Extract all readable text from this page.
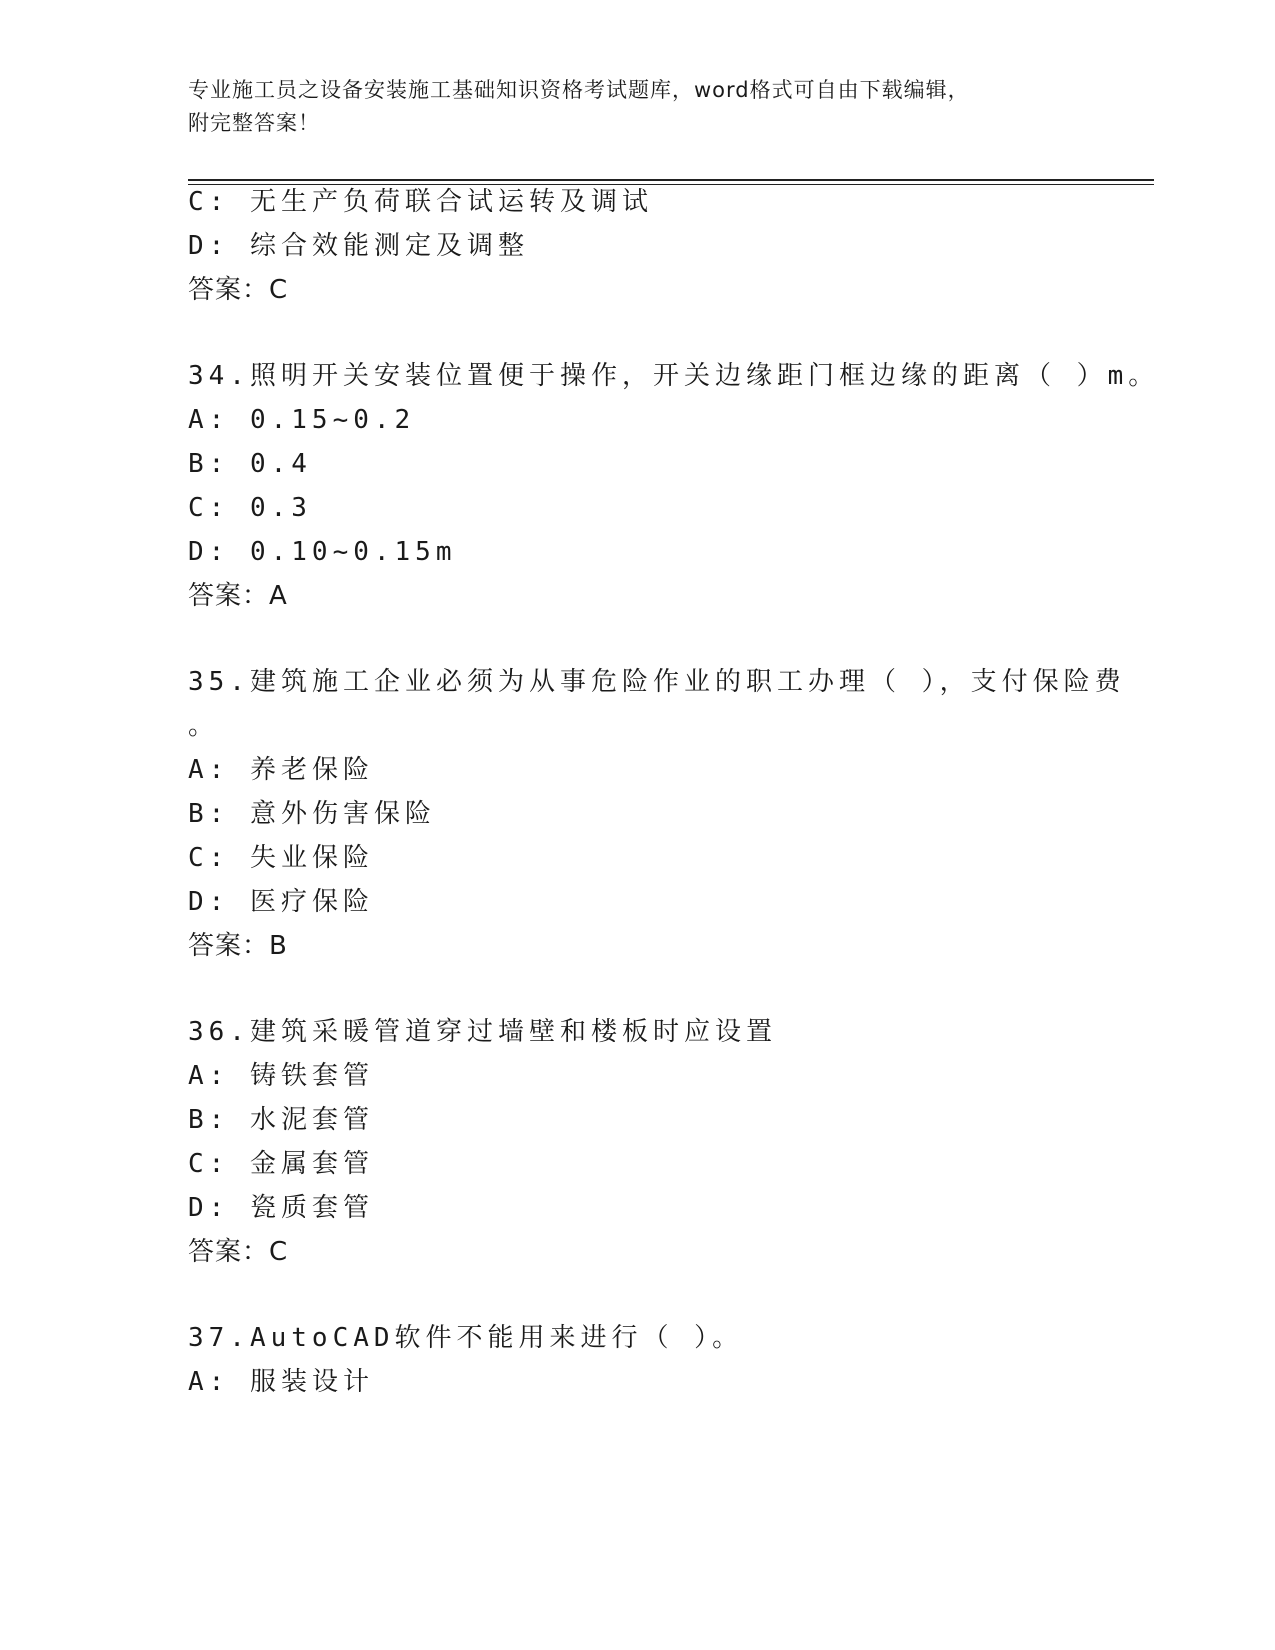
专业施工员之设备安装施工基础知识资格考试题库，word格式可自由下载编辑，
附完整答案！
C: 无生产负荷联合试运转及调试
D: 综合效能测定及调整
答案：C
34.照明开关安装位置便于操作，开关边缘距门框边缘的距离（ ）m。
A: 0.15~0.2
B: 0.4
C: 0.3
D: 0.10~0.15m
答案：A
35.建筑施工企业必须为从事危险作业的职工办理（ ），支付保险费
。
A: 养老保险
B: 意外伤害保险
C: 失业保险
D: 医疗保险
答案：B
36.建筑采暖管道穿过墙壁和楼板时应设置
A: 铸铁套管
B: 水泥套管
C: 金属套管
D: 瓷质套管
答案：C
37.AutoCAD软件不能用来进行（ ）。
A: 服装设计
